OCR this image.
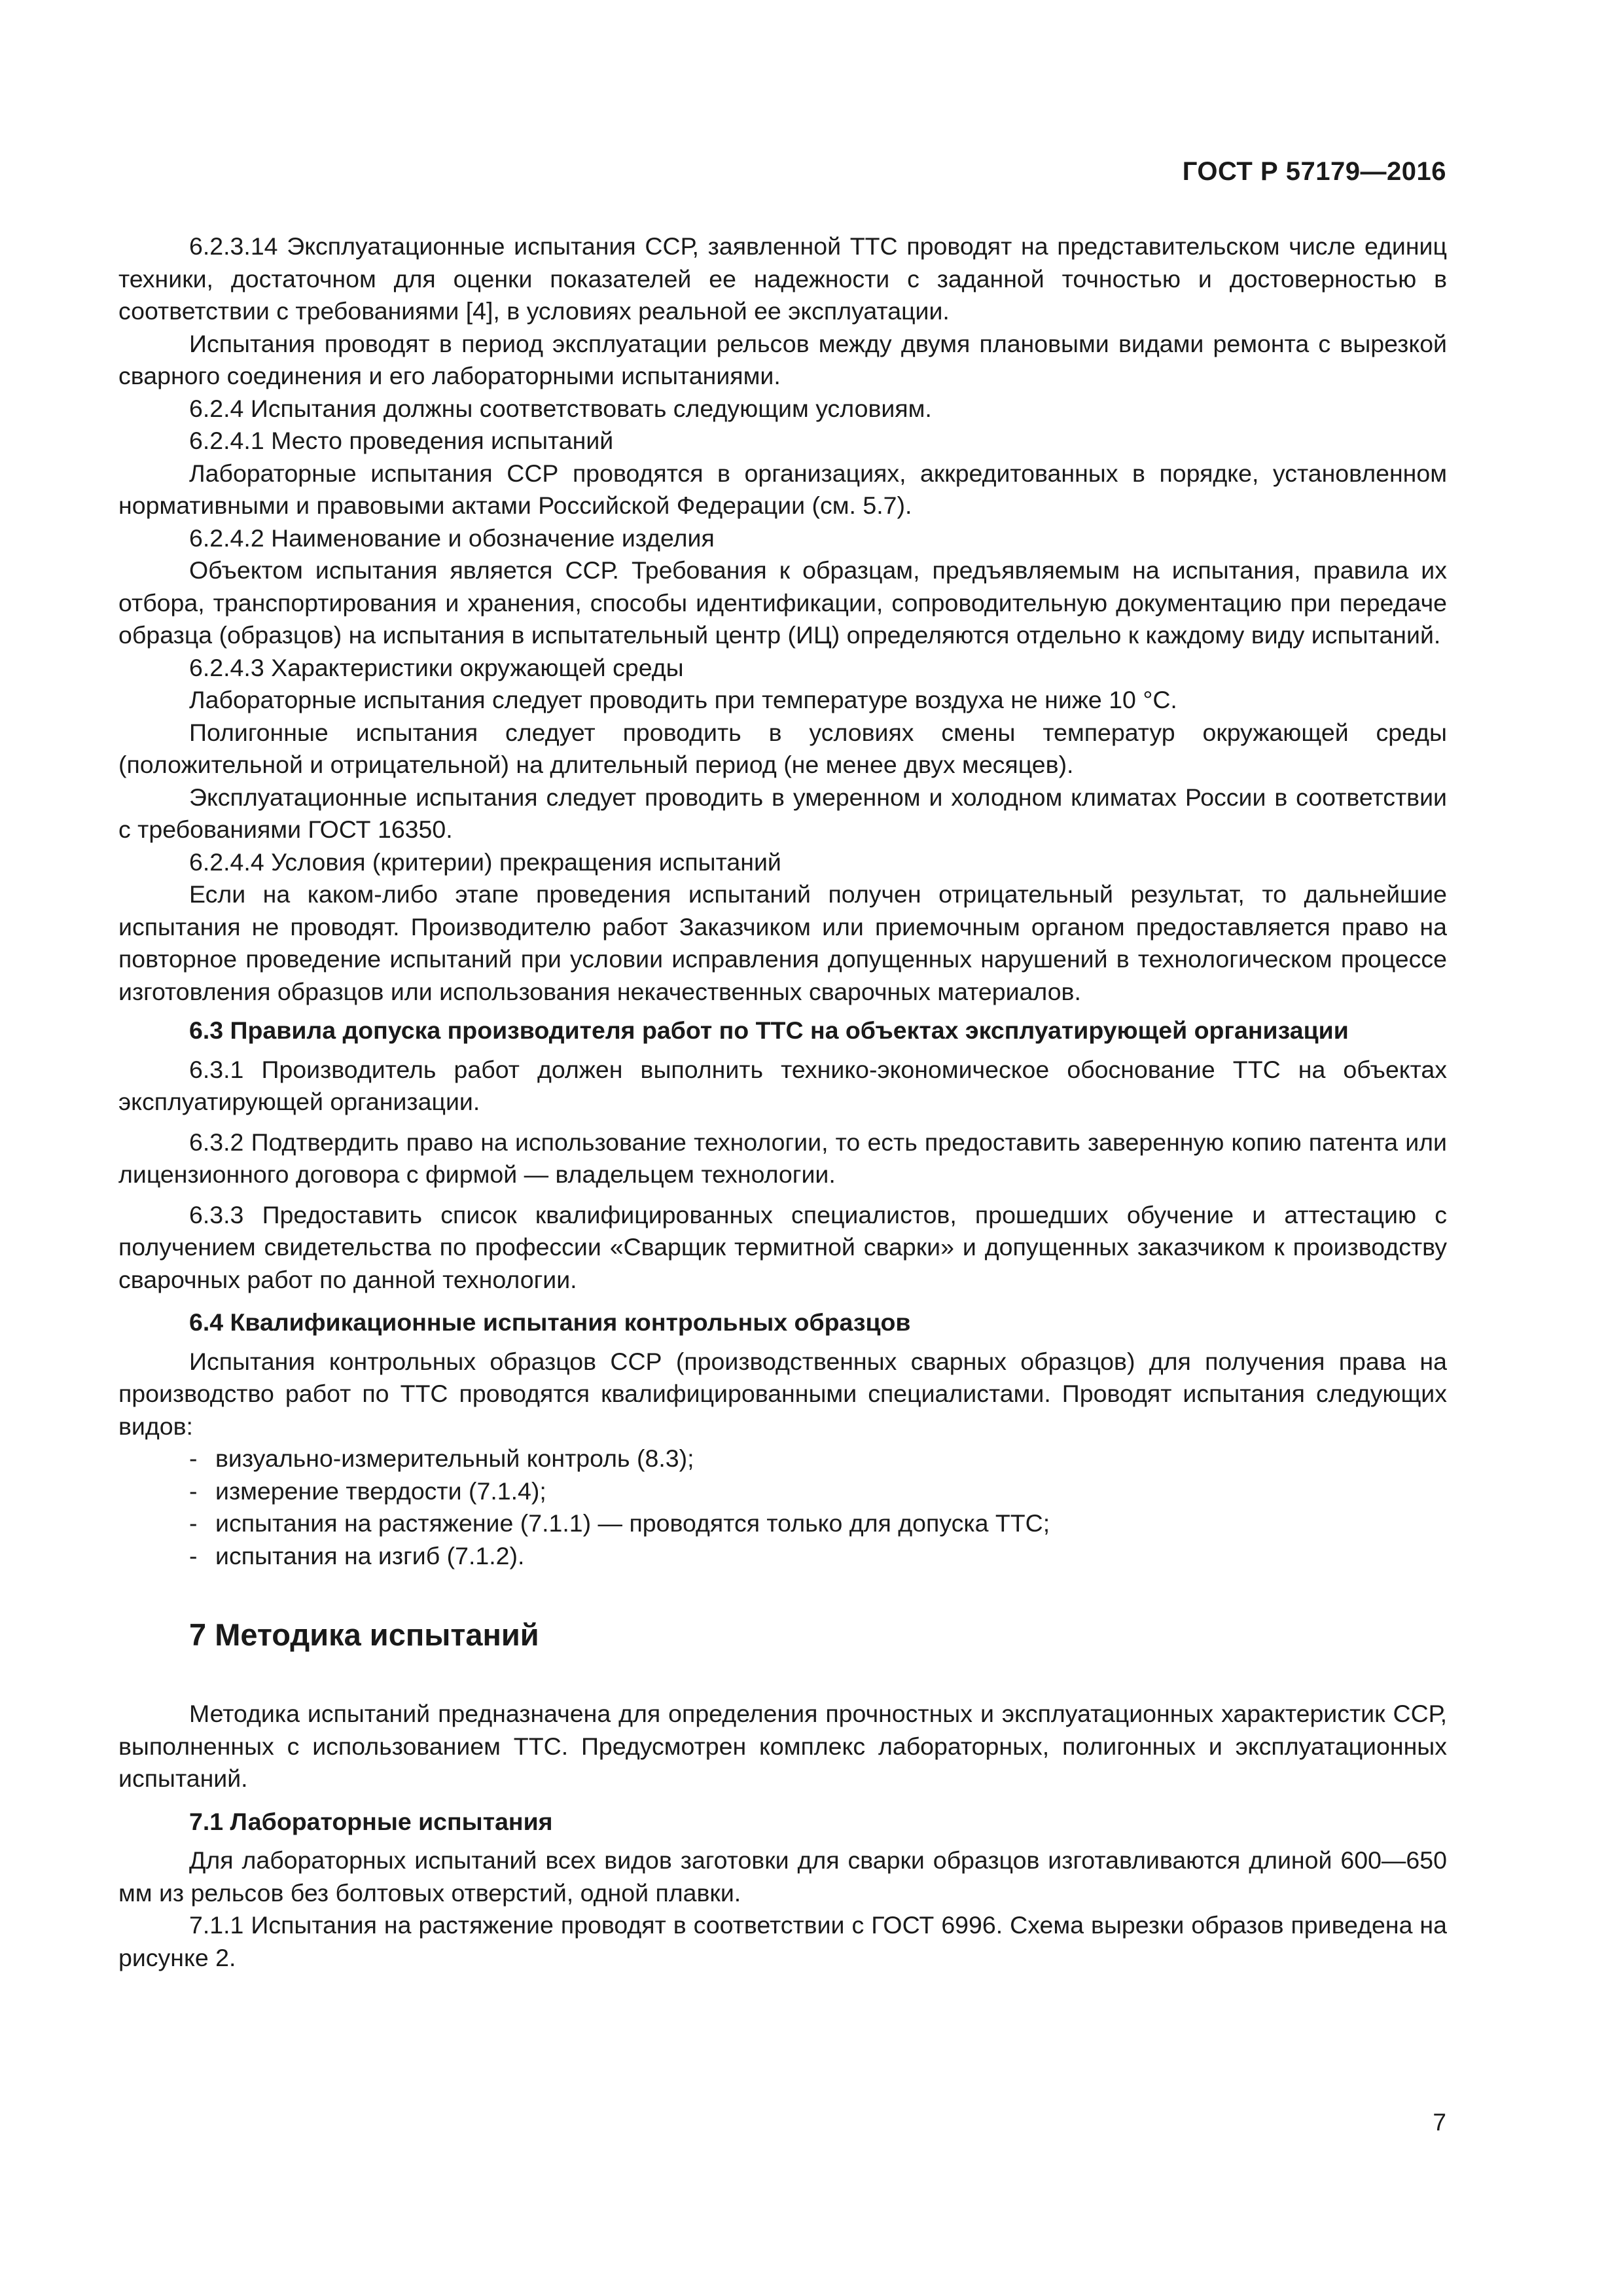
ГОСТ Р 57179—2016

6.2.3.14 Эксплуатационные испытания ССР, заявленной ТТС проводят на представительском числе единиц техники, достаточном для оценки показателей ее надежности с заданной точностью и достоверностью в соответствии с требованиями [4], в условиях реальной ее эксплуатации.

Испытания проводят в период эксплуатации рельсов между двумя плановыми видами ремонта с вырезкой сварного соединения и его лабораторными испытаниями.

6.2.4 Испытания должны соответствовать следующим условиям.

6.2.4.1 Место проведения испытаний

Лабораторные испытания ССР проводятся в организациях, аккредитованных в порядке, установленном нормативными и правовыми актами Российской Федерации (см. 5.7).

6.2.4.2 Наименование и обозначение изделия

Объектом испытания является ССР. Требования к образцам, предъявляемым на испытания, правила их отбора, транспортирования и хранения, способы идентификации, сопроводительную документацию при передаче образца (образцов) на испытания в испытательный центр (ИЦ) определяются отдельно к каждому виду испытаний.

6.2.4.3 Характеристики окружающей среды

Лабораторные испытания следует проводить при температуре воздуха не ниже 10 °С.

Полигонные испытания следует проводить в условиях смены температур окружающей среды (положительной и отрицательной) на длительный период (не менее двух месяцев).

Эксплуатационные испытания следует проводить в умеренном и холодном климатах России в соответствии с требованиями ГОСТ 16350.

6.2.4.4 Условия (критерии) прекращения испытаний

Если на каком-либо этапе проведения испытаний получен отрицательный результат, то дальнейшие испытания не проводят. Производителю работ Заказчиком или приемочным органом предоставляется право на повторное проведение испытаний при условии исправления допущенных нарушений в технологическом процессе изготовления образцов или использования некачественных сварочных материалов.

6.3 Правила допуска производителя работ по ТТС на объектах эксплуатирующей организации

6.3.1 Производитель работ должен выполнить технико-экономическое обоснование ТТС на объектах эксплуатирующей организации.

6.3.2 Подтвердить право на использование технологии, то есть предоставить заверенную копию патента или лицензионного договора с фирмой — владельцем технологии.

6.3.3 Предоставить список квалифицированных специалистов, прошедших обучение и аттестацию с получением свидетельства по профессии «Сварщик термитной сварки» и допущенных заказчиком к производству сварочных работ по данной технологии.

6.4 Квалификационные испытания контрольных образцов

Испытания контрольных образцов ССР (производственных сварных образцов) для получения права на производство работ по ТТС проводятся квалифицированными специалистами. Проводят испытания следующих видов:

- визуально-измерительный контроль (8.3);
- измерение твердости (7.1.4);
- испытания на растяжение (7.1.1) — проводятся только для допуска ТТС;
- испытания на изгиб (7.1.2).
7 Методика испытаний

Методика испытаний предназначена для определения прочностных и эксплуатационных характеристик ССР, выполненных с использованием ТТС. Предусмотрен комплекс лабораторных, полигонных и эксплуатационных испытаний.

7.1 Лабораторные испытания

Для лабораторных испытаний всех видов заготовки для сварки образцов изготавливаются длиной 600—650 мм из рельсов без болтовых отверстий, одной плавки.

7.1.1 Испытания на растяжение проводят в соответствии с ГОСТ 6996. Схема вырезки образов приведена на рисунке 2.

7
